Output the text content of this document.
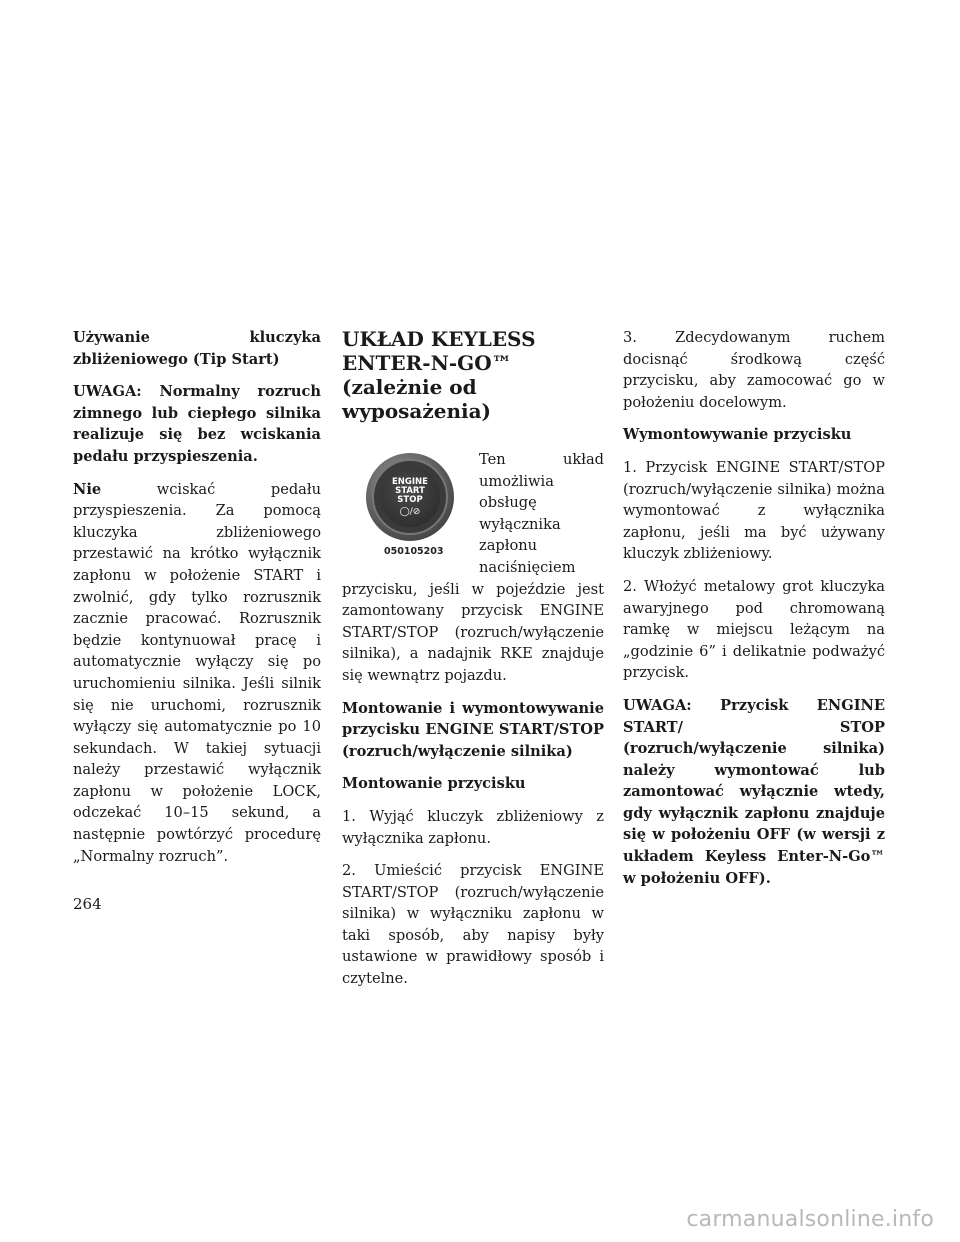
Używanie kluczyka zbliżeniowego (Tip Start)

UWAGA: Normalny rozruch zimnego lub ciepłego silnika realizuje się bez wciskania pedału przyspieszenia.

Nie wciskać pedału przyspieszenia. Za pomocą kluczyka zbliżeniowego przestawić na krótko wyłącznik zapłonu w położenie START i zwolnić, gdy tylko rozrusznik zacznie pracować. Rozrusznik będzie kontynuował pracę i automatycznie wyłączy się po uruchomieniu silnika. Jeśli silnik się nie uruchomi, rozrusznik wyłączy się automatycznie po 10 sekundach. W takiej sytuacji należy przestawić wyłącznik zapłonu w położenie LOCK, odczekać 10–15 sekund, a następnie powtórzyć procedurę „Normalny rozruch”.

UKŁAD KEYLESS
ENTER-N-GO™
(zależnie od wyposażenia)

ENGINE
START
STOP
◯/⊘
050105203
Ten układ umożliwia obsługę wyłącznika zapłonu naciśnięciem przycisku, jeśli w pojeździe jest zamontowany przycisk ENGINE START/STOP (rozruch/wyłączenie silnika), a nadajnik RKE znajduje się wewnątrz pojazdu.

Montowanie i wymontowywanie przycisku ENGINE START/STOP (rozruch/wyłączenie silnika)

Montowanie przycisku

1. Wyjąć kluczyk zbliżeniowy z wyłącznika zapłonu.

2. Umieścić przycisk ENGINE START/STOP (rozruch/wyłączenie silnika) w wyłączniku zapłonu w taki sposób, aby napisy były ustawione w prawidłowy sposób i czytelne.

3. Zdecydowanym ruchem docisnąć środkową część przycisku, aby zamocować go w położeniu docelowym.

Wymontowywanie przycisku

1. Przycisk ENGINE START/STOP (rozruch/wyłączenie silnika) można wymontować z wyłącznika zapłonu, jeśli ma być używany kluczyk zbliżeniowy.

2. Włożyć metalowy grot kluczyka awaryjnego pod chromowaną ramkę w miejscu leżącym na „godzinie 6” i delikatnie podważyć przycisk.

UWAGA: Przycisk ENGINE START/ STOP (rozruch/wyłączenie silnika) należy wymontować lub zamontować wyłącznie wtedy, gdy wyłącznik zapłonu znajduje się w położeniu OFF (w wersji z układem Keyless Enter-N-Go™ w położeniu OFF).

264
carmanualsonline.info
